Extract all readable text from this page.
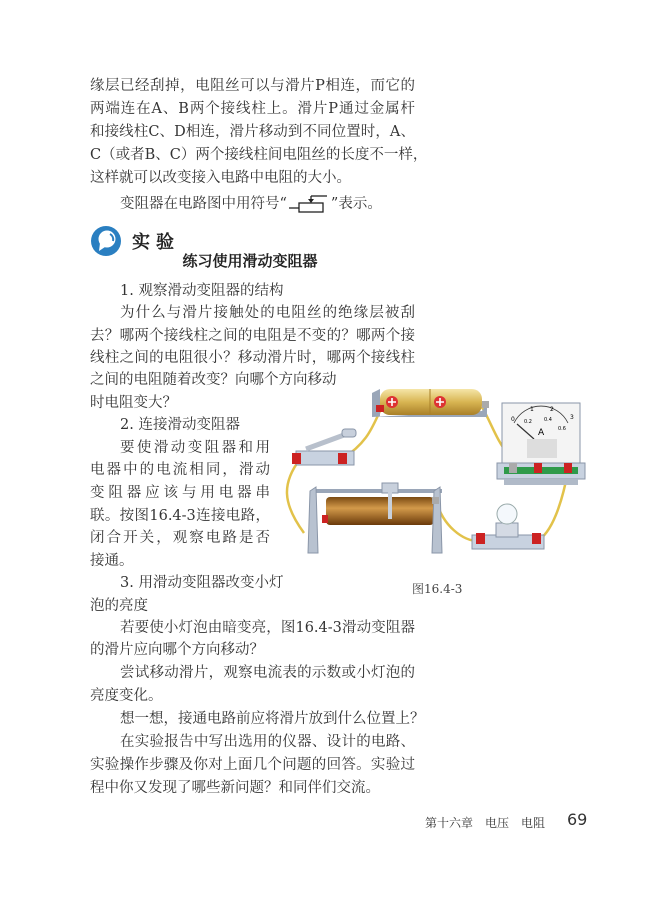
缘层已经刮掉，电阻丝可以与滑片P相连，而它的
两端连在A、B两个接线柱上。滑片P通过金属杆
和接线柱C、D相连，滑片移动到不同位置时，A、
C（或者B、C）两个接线柱间电阻丝的长度不一样，
这样就可以改变接入电路中电阻的大小。
变阻器在电路图中用符号“	”表示。
实验
练习使用滑动变阻器
1. 观察滑动变阻器的结构
为什么与滑片接触处的电阻丝的绝缘层被刮
去？哪两个接线柱之间的电阻是不变的？哪两个接
线柱之间的电阻很小？移动滑片时，哪两个接线柱
之间的电阻随着改变？向哪个方向移动
时电阻变大？
2. 连接滑动变阻器
要使滑动变阻器和用
电器中的电流相同，滑动
变阻器应该与用电器串
联。按图16.4-3连接电路，
闭合开关，观察电路是否
接通。
3. 用滑动变阻器改变小灯
泡的亮度
若要使小灯泡由暗变亮，图16.4-3滑动变阻器
的滑片应向哪个方向移动？
尝试移动滑片，观察电流表的示数或小灯泡的
亮度变化。
想一想，接通电路前应将滑片放到什么位置上？
在实验报告中写出选用的仪器、设计的电路、
实验操作步骤及你对上面几个问题的回答。实验过
程中你又发现了哪些新问题？和同伴们交流。
0
1	2
3
0.2 0.4
0.6
A
图16.4-3
第十六章　电压　电阻 69
